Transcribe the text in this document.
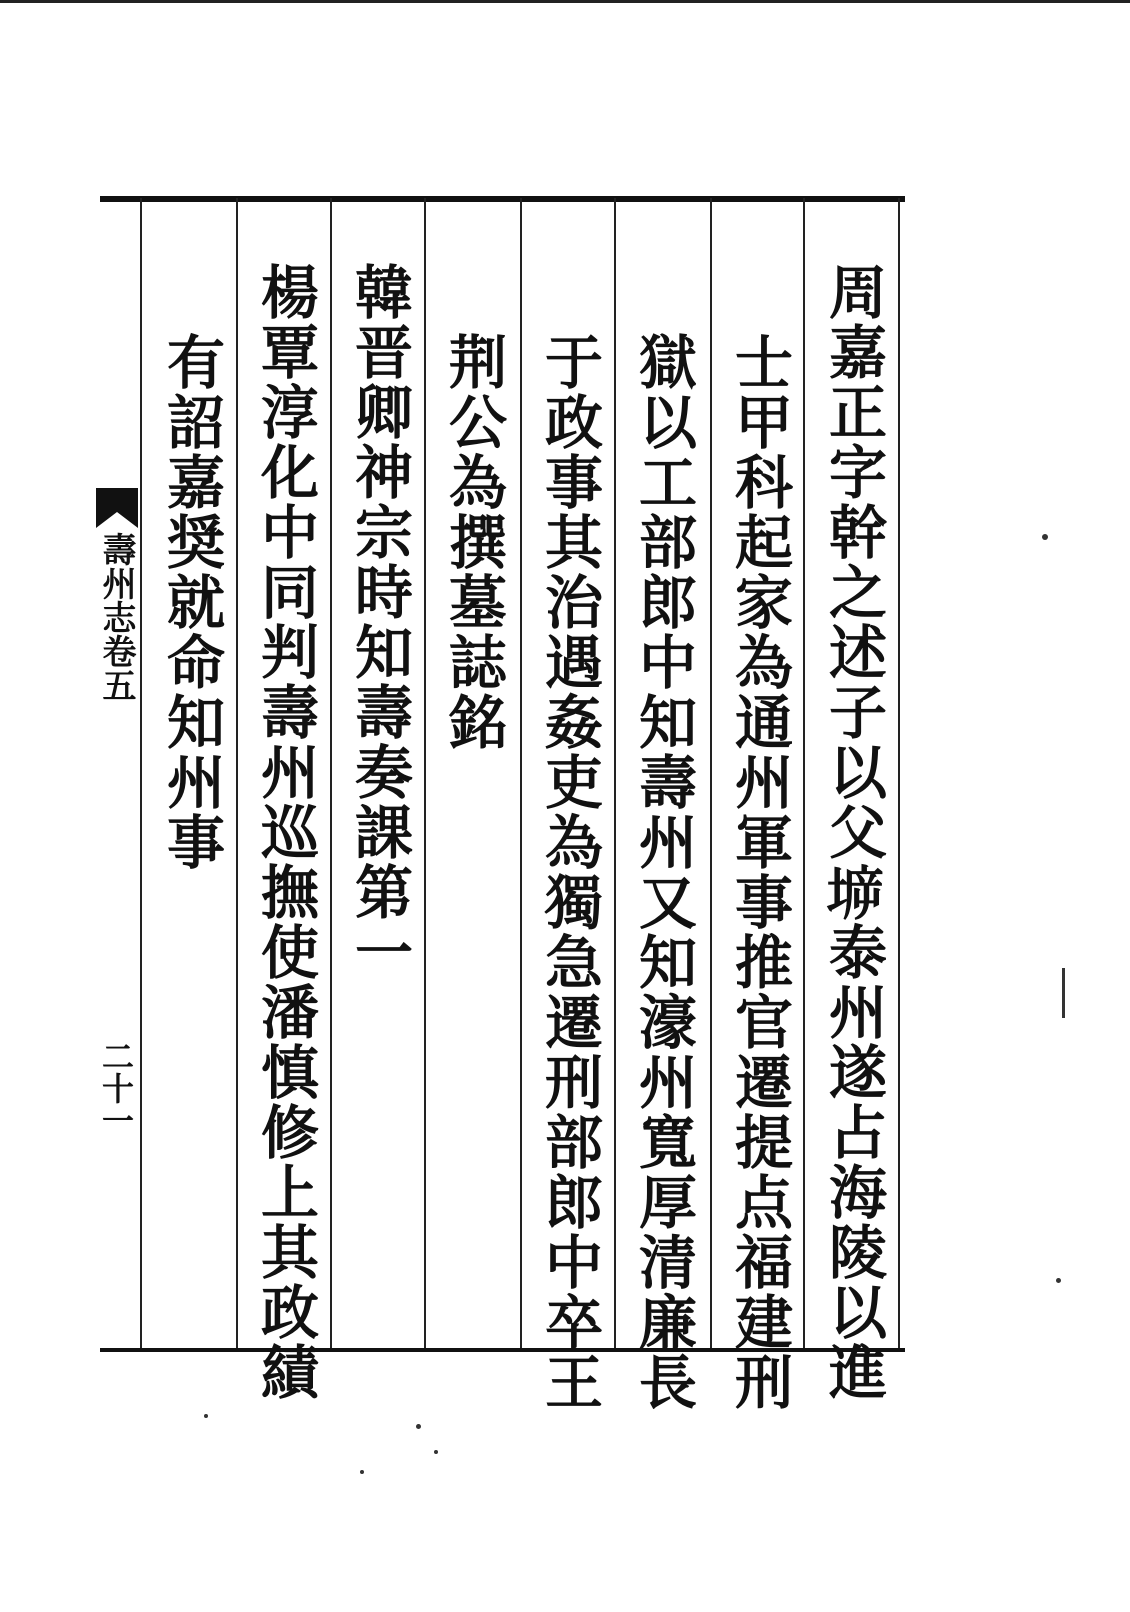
周嘉正字幹之述子以父𡍩泰州遂占海陵以進
士甲科起家為通州軍事推官遷提点福建刑
獄以工部郎中知壽州又知濠州寬厚清廉長
于政事其治遇姦吏為獨急遷刑部郎中卒王
荆公為撰墓誌銘
韓晋卿神宗時知壽奏課第一
楊覃淳化中同判壽州巡撫使潘慎修上其政績
有詔嘉奨就命知州事
壽州志卷五
二十一
